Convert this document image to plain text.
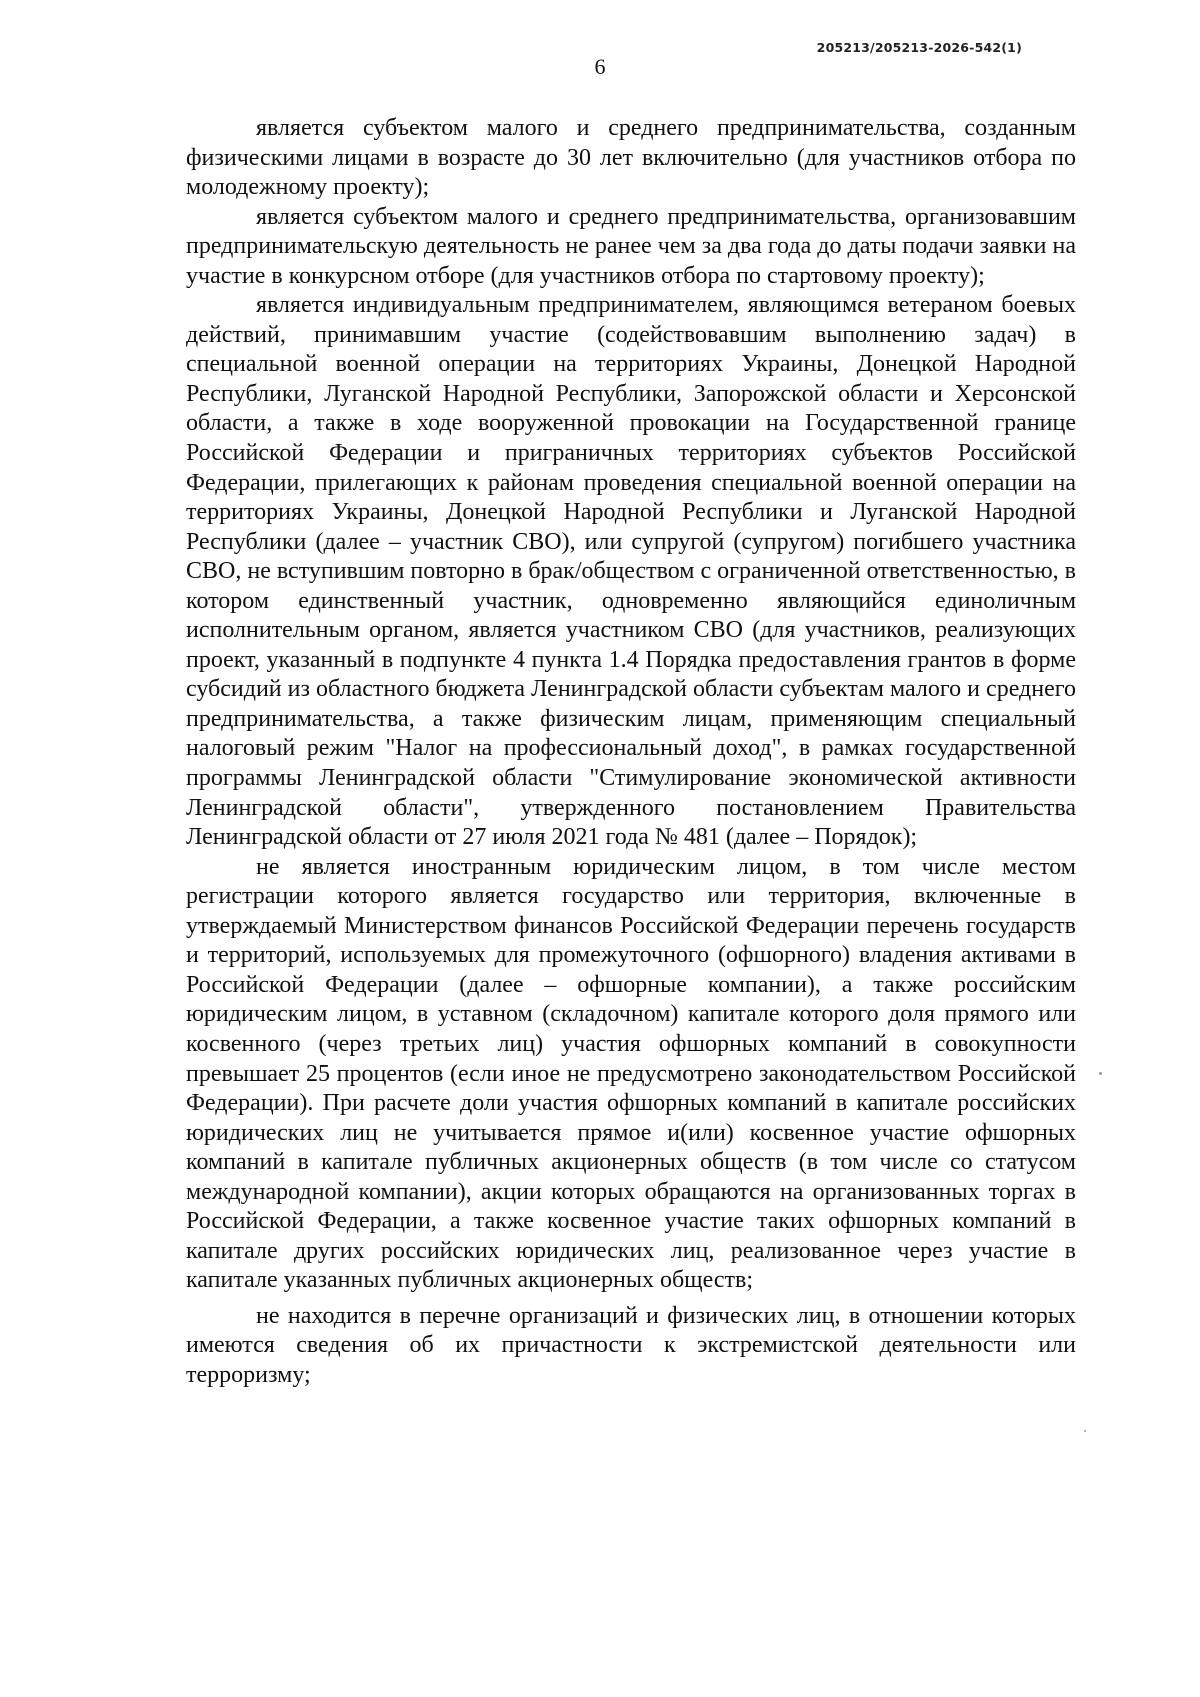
205213/205213-2026-542(1)
6

является субъектом малого и среднего предпринимательства, созданным физическими лицами в возрасте до 30 лет включительно (для участников отбора по молодежному проекту);

является субъектом малого и среднего предпринимательства, организовавшим предпринимательскую деятельность не ранее чем за два года до даты подачи заявки на участие в конкурсном отборе (для участников отбора по стартовому проекту);

является индивидуальным предпринимателем, являющимся ветераном боевых действий, принимавшим участие (содействовавшим выполнению задач) в специальной военной операции на территориях Украины, Донецкой Народной Республики, Луганской Народной Республики, Запорожской области и Херсонской области, а также в ходе вооруженной провокации на Государственной границе Российской Федерации и приграничных территориях субъектов Российской Федерации, прилегающих к районам проведения специальной военной операции на территориях Украины, Донецкой Народной Республики и Луганской Народной Республики (далее – участник СВО), или супругой (супругом) погибшего участника СВО, не вступившим повторно в брак/обществом с ограниченной ответственностью, в котором единственный участник, одновременно являющийся единоличным исполнительным органом, является участником СВО (для участников, реализующих проект, указанный в подпункте 4 пункта 1.4 Порядка предоставления грантов в форме субсидий из областного бюджета Ленинградской области субъектам малого и среднего предпринимательства, а также физическим лицам, применяющим специальный налоговый режим "Налог на профессиональный доход", в рамках государственной программы Ленинградской области "Стимулирование экономической активности Ленинградской области", утвержденного постановлением Правительства Ленинградской области от 27 июля 2021 года № 481 (далее – Порядок);

не является иностранным юридическим лицом, в том числе местом регистрации которого является государство или территория, включенные в утверждаемый Министерством финансов Российской Федерации перечень государств и территорий, используемых для промежуточного (офшорного) владения активами в Российской Федерации (далее – офшорные компании), а также российским юридическим лицом, в уставном (складочном) капитале которого доля прямого или косвенного (через третьих лиц) участия офшорных компаний в совокупности превышает 25 процентов (если иное не предусмотрено законодательством Российской Федерации). При расчете доли участия офшорных компаний в капитале российских юридических лиц не учитывается прямое и(или) косвенное участие офшорных компаний в капитале публичных акционерных обществ (в том числе со статусом международной компании), акции которых обращаются на организованных торгах в Российской Федерации, а также косвенное участие таких офшорных компаний в капитале других российских юридических лиц, реализованное через участие в капитале указанных публичных акционерных обществ;

не находится в перечне организаций и физических лиц, в отношении которых имеются сведения об их причастности к экстремистской деятельности или терроризму;
